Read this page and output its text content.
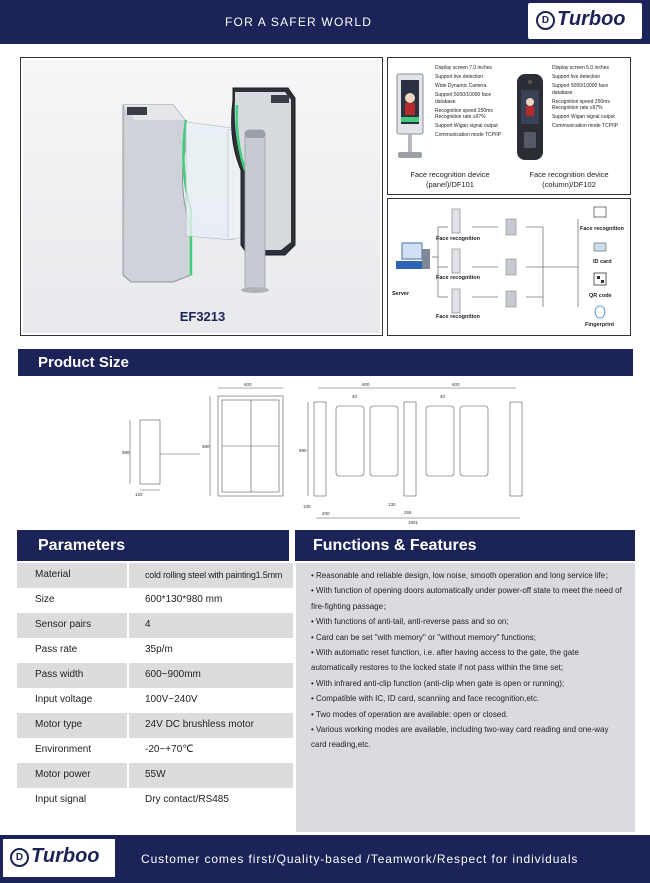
FOR A SAFER WORLD	D Turboo
EF3213
Display screen 7.0 inches
Support live detection
Wide Dynamic Camera
Support 5000/10000 face database
Recognition speed 250ms Recognition rate ≥97%
Support Wigan signal output
Communication mode TCP/IP
Display screen 5.0 inches
Support live detection
Support 5000/10000 face database
Recognition speed 250ms Recognition rate ≥97%
Support Wigan signal output
Communication mode TCP/IP
Face recognition device
(panel)/DF101
Face recognition device
(column)/DF102
Server
Face recognition
Face recognition
Face recognition
Face recognition
ID card
QR code
Fingerprint
Product Size
980
120
600
980
600	600
40	40
980
130	130
200	265
1801
Parameters	Functions & Features
Material	cold rolling steel with painting1.5mm
Size	600*130*980 mm
Sensor pairs	4
Pass rate	35p/m
Pass width	600~900mm
Input voltage	100V~240V
Motor type	24V DC brushless motor
Environment	-20~+70℃
Motor power	55W
Input signal	Dry contact/RS485

• Reasonable and reliable design, low noise, smooth operation and long service life；

• With function of opening doors automatically under power-off state to meet the need of fire-fighting passage；

• With functions of anti-tail, anti-reverse pass and so on;

• Card can be set "with memory" or "without memory" functions;

• With automatic reset function, i.e. after having access to the gate, the gate automatically restores to the locked state if not pass within the time set;

• With infrared anti-clip function (anti-clip when gate is open or running);

• Compatible with IC, ID card, scanning and face recognition,etc.

• Two modes of operation are available: open or closed.

• Various working modes are available, including two-way card reading and one-way card reading,etc.

D Turboo	Customer comes first/Quality-based /Teamwork/Respect for individuals
